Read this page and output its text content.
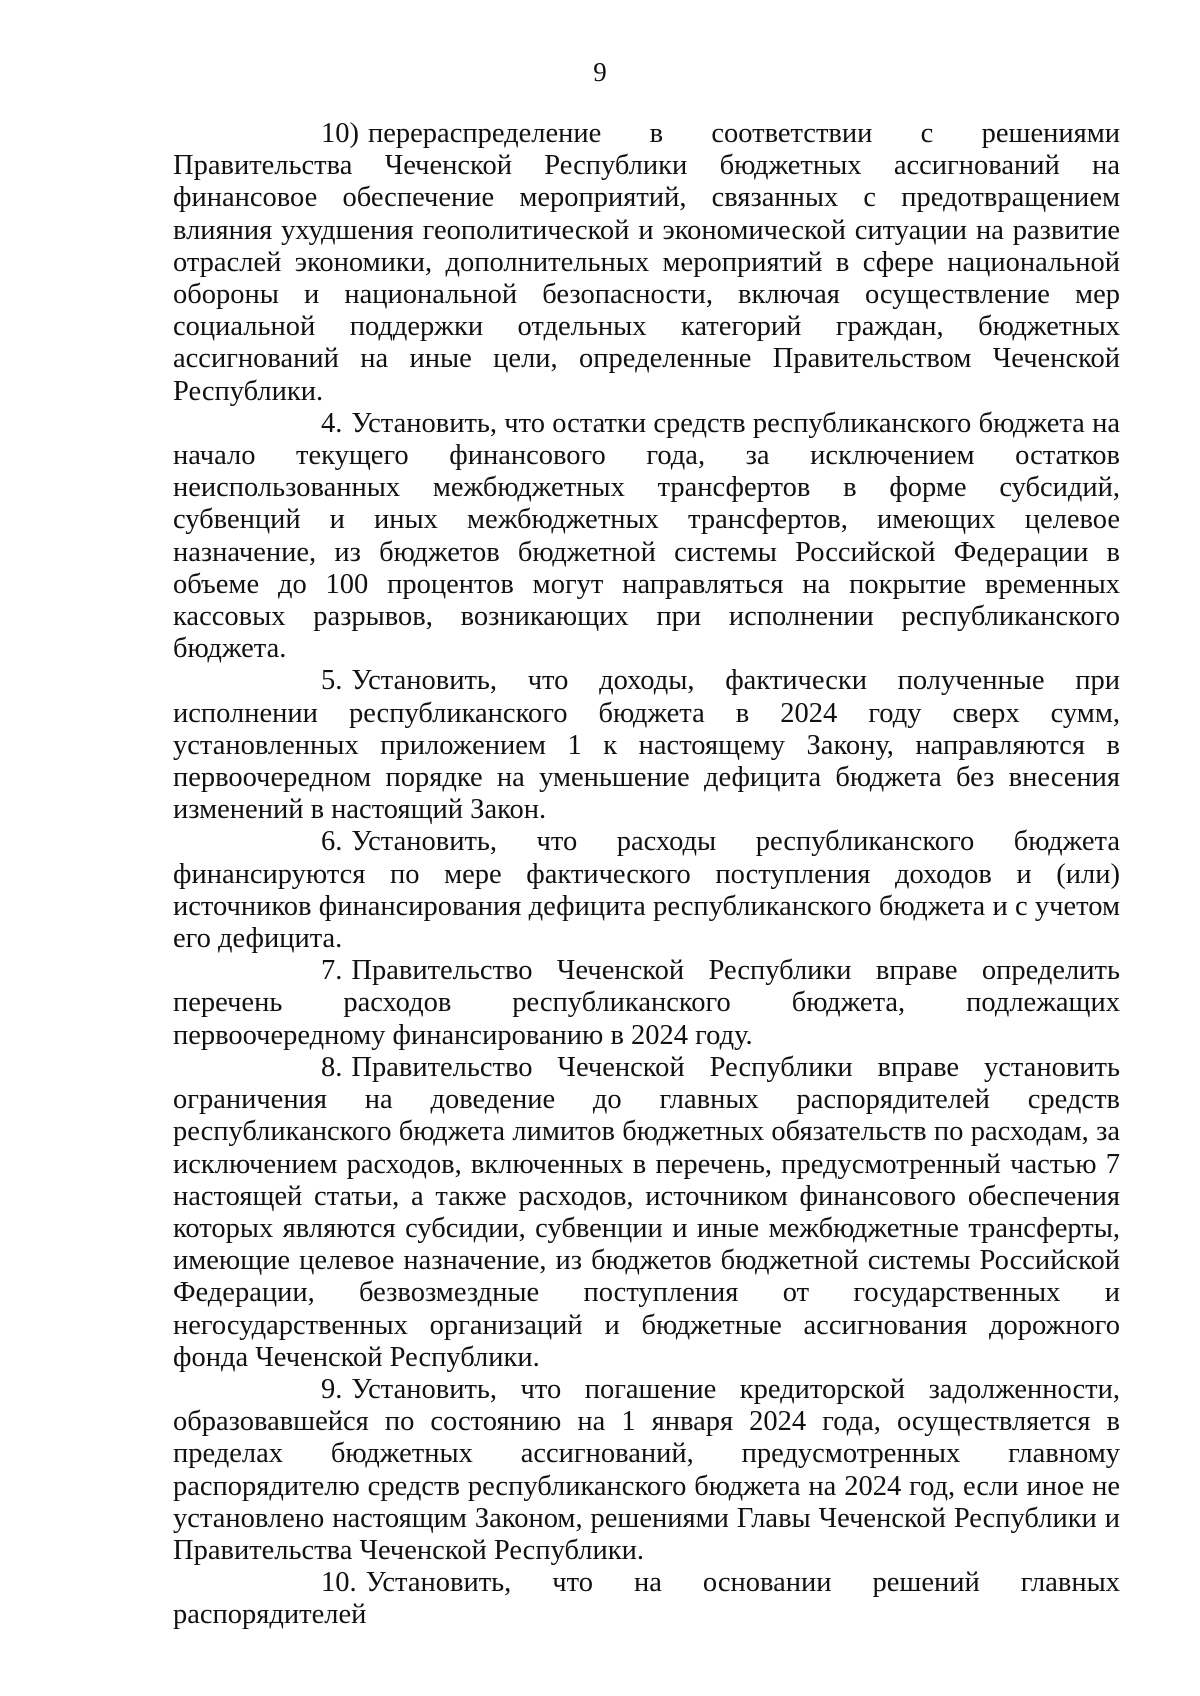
9

10) перераспределение в соответствии с решениями Правительства Чеченской Республики бюджетных ассигнований на финансовое обеспечение мероприятий, связанных с предотвращением влияния ухудшения геополитической и экономической ситуации на развитие отраслей экономики, дополнительных мероприятий в сфере национальной обороны и национальной безопасности, включая осуществление мер социальной поддержки отдельных категорий граждан, бюджетных ассигнований на иные цели, определенные Правительством Чеченской Республики.

4. Установить, что остатки средств республиканского бюджета на начало текущего финансового года, за исключением остатков неиспользованных межбюджетных трансфертов в форме субсидий, субвенций и иных межбюджетных трансфертов, имеющих целевое назначение, из бюджетов бюджетной системы Российской Федерации в объеме до 100 процентов могут направляться на покрытие временных кассовых разрывов, возникающих при исполнении республиканского бюджета.

5. Установить, что доходы, фактически полученные при исполнении республиканского бюджета в 2024 году сверх сумм, установленных приложением 1 к настоящему Закону, направляются в первоочередном порядке на уменьшение дефицита бюджета без внесения изменений в настоящий Закон.

6. Установить, что расходы республиканского бюджета финансируются по мере фактического поступления доходов и (или) источников финансирования дефицита республиканского бюджета и с учетом его дефицита.

7. Правительство Чеченской Республики вправе определить перечень расходов республиканского бюджета, подлежащих первоочередному финансированию в 2024 году.

8. Правительство Чеченской Республики вправе установить ограничения на доведение до главных распорядителей средств республиканского бюджета лимитов бюджетных обязательств по расходам, за исключением расходов, включенных в перечень, предусмотренный частью 7 настоящей статьи, а также расходов, источником финансового обеспечения которых являются субсидии, субвенции и иные межбюджетные трансферты, имеющие целевое назначение, из бюджетов бюджетной системы Российской Федерации, безвозмездные поступления от государственных и негосударственных организаций и бюджетные ассигнования дорожного фонда Чеченской Республики.

9. Установить, что погашение кредиторской задолженности, образовавшейся по состоянию на 1 января 2024 года, осуществляется в пределах бюджетных ассигнований, предусмотренных главному распорядителю средств республиканского бюджета на 2024 год, если иное не установлено настоящим Законом, решениями Главы Чеченской Республики и Правительства Чеченской Республики.

10. Установить, что на основании решений главных распорядителей
